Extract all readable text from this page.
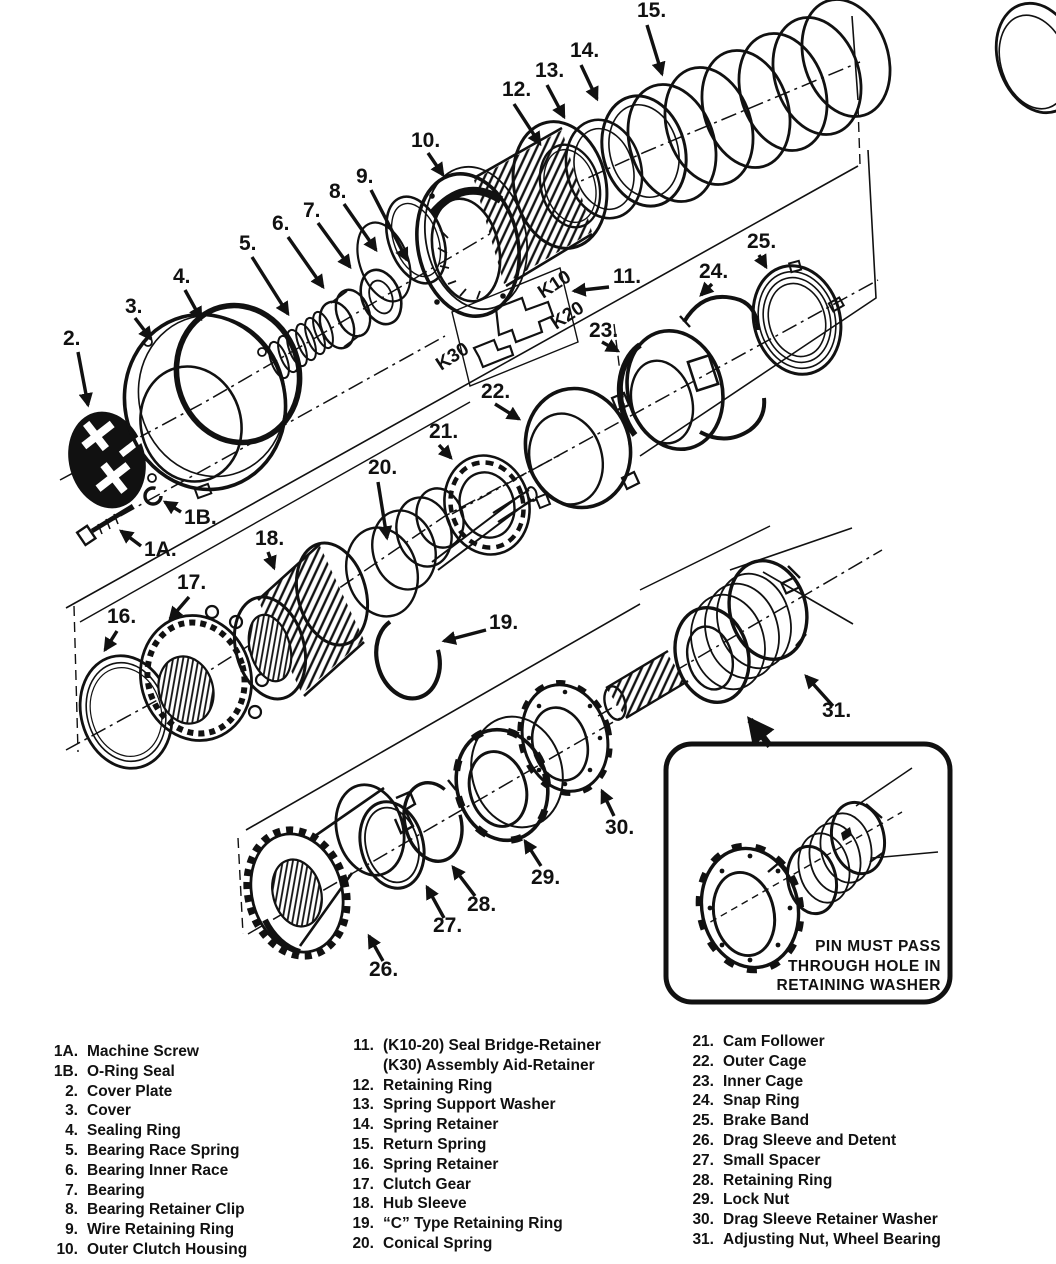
PIN MUST PASS
THROUGH HOLE IN
RETAINING WASHER
1A.
1B.
2.
3.
4.
5.
6.
7.
8.
9.
10.
11.
12.
13.
14.
15.
16.
17.
18.
19.
20.
21.
22.
23.
24.
25.
26.
27.
28.
29.
30.
31.
K10
K20
K30
1A. Machine Screw
1B. O-Ring Seal
2. Cover Plate
3. Cover
4. Sealing Ring
5. Bearing Race Spring
6. Bearing Inner Race
7. Bearing
8. Bearing Retainer Clip
9. Wire Retaining Ring
10. Outer Clutch Housing
11. (K10-20) Seal Bridge-Retainer
(K30) Assembly Aid-Retainer
12. Retaining Ring
13. Spring Support Washer
14. Spring Retainer
15. Return Spring
16. Spring Retainer
17. Clutch Gear
18. Hub Sleeve
19. “C” Type Retaining Ring
20. Conical Spring
21. Cam Follower
22. Outer Cage
23. Inner Cage
24. Snap Ring
25. Brake Band
26. Drag Sleeve and Detent
27. Small Spacer
28. Retaining Ring
29. Lock Nut
30. Drag Sleeve Retainer Washer
31. Adjusting Nut, Wheel Bearing
